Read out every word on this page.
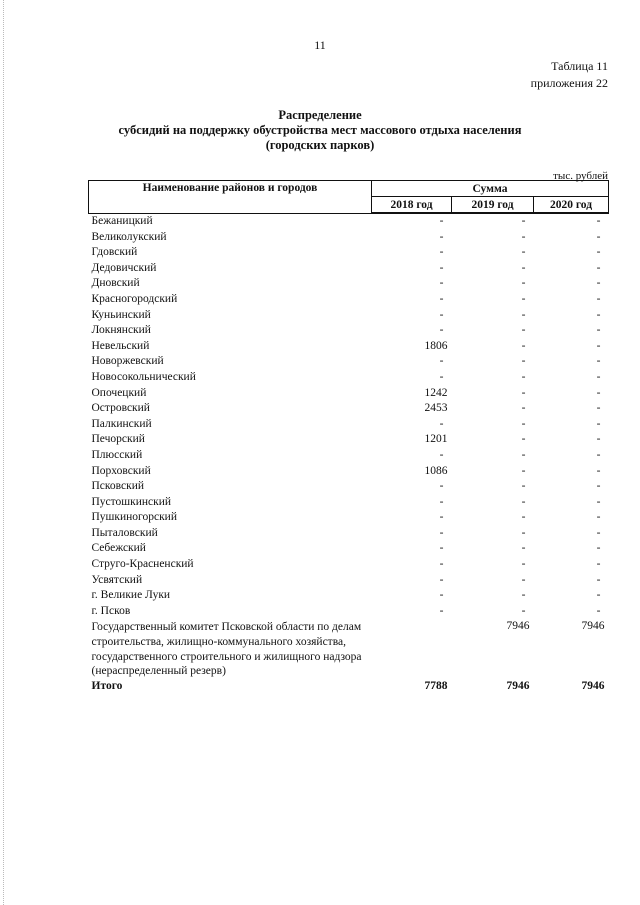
11
Таблица 11
приложения 22
Распределение
субсидий на поддержку обустройства мест массового отдыха населения
(городских парков)
тыс. рублей
Наименование районов и городов	Сумма		
	2018 год	2019 год	2020 год
Бежаницкий	-	-	-
Великолукский	-	-	-
Гдовский	-	-	-
Дедовичский	-	-	-
Дновский	-	-	-
Красногородский	-	-	-
Куньинский	-	-	-
Локнянский	-	-	-
Невельский	1806	-	-
Новоржевский	-	-	-
Новосокольнический	-	-	-
Опочецкий	1242	-	-
Островский	2453	-	-
Палкинский	-	-	-
Печорский	1201	-	-
Плюсский	-	-	-
Порховский	1086	-	-
Псковский	-	-	-
Пустошкинский	-	-	-
Пушкиногорский	-	-	-
Пыталовский	-	-	-
Себежский	-	-	-
Струго-Красненский	-	-	-
Усвятский	-	-	-
г. Великие Луки	-	-	-
г. Псков	-	-	-
Государственный комитет Псковской области по делам строительства, жилищно-коммунального хозяйства, государственного строительного и жилищного надзора (нераспределенный резерв)		7946	7946
Итого	7788	7946	7946
